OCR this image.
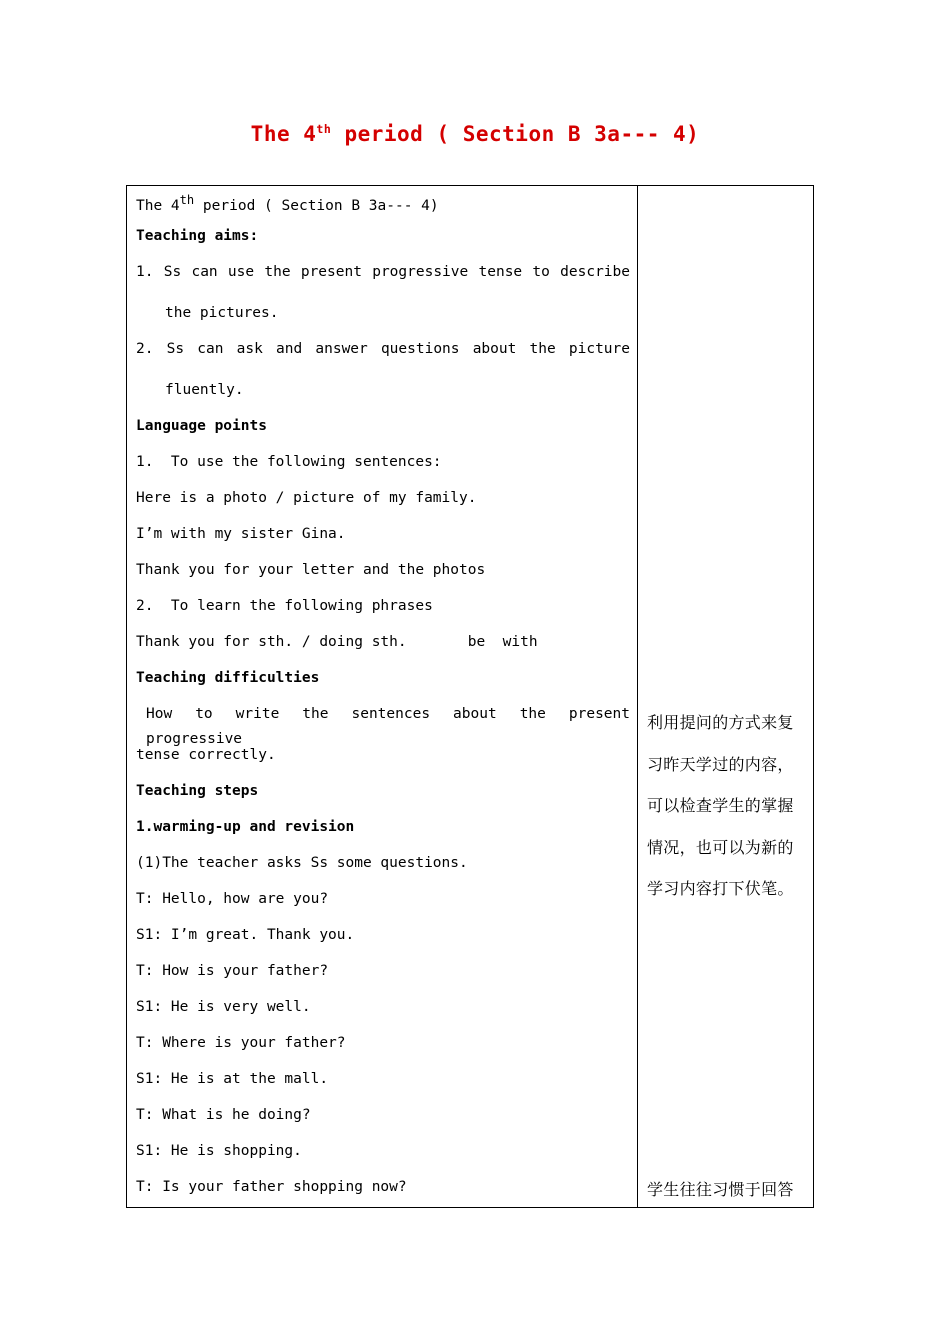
The 4th period ( Section B 3a--- 4)
The 4th period ( Section B 3a--- 4)
Teaching aims:
1. Ss can use the present progressive tense to describe
the pictures.
2. Ss can ask and answer questions about the picture
fluently.
Language points
1.  To use the following sentences:
Here is a photo / picture of my family.
I’m with my sister Gina.
Thank you for your letter and the photos
2.  To learn the following phrases
Thank you for sth. / doing sth.       be  with
Teaching difficulties
How to write the sentences about the present progressive
tense correctly.
Teaching steps
1.warming-up and revision
(1)The teacher asks Ss some questions.
T: Hello, how are you?
S1: I’m great. Thank you.
T: How is your father?
S1: He is very well.
T: Where is your father?
S1: He is at the mall.
T: What is he doing?
S1: He is shopping.
T: Is your father shopping now?
利用提问的方式来复
习昨天学过的内容，
可以检查学生的掌握
情况，也可以为新的
学习内容打下伏笔。
学生往往习惯于回答
